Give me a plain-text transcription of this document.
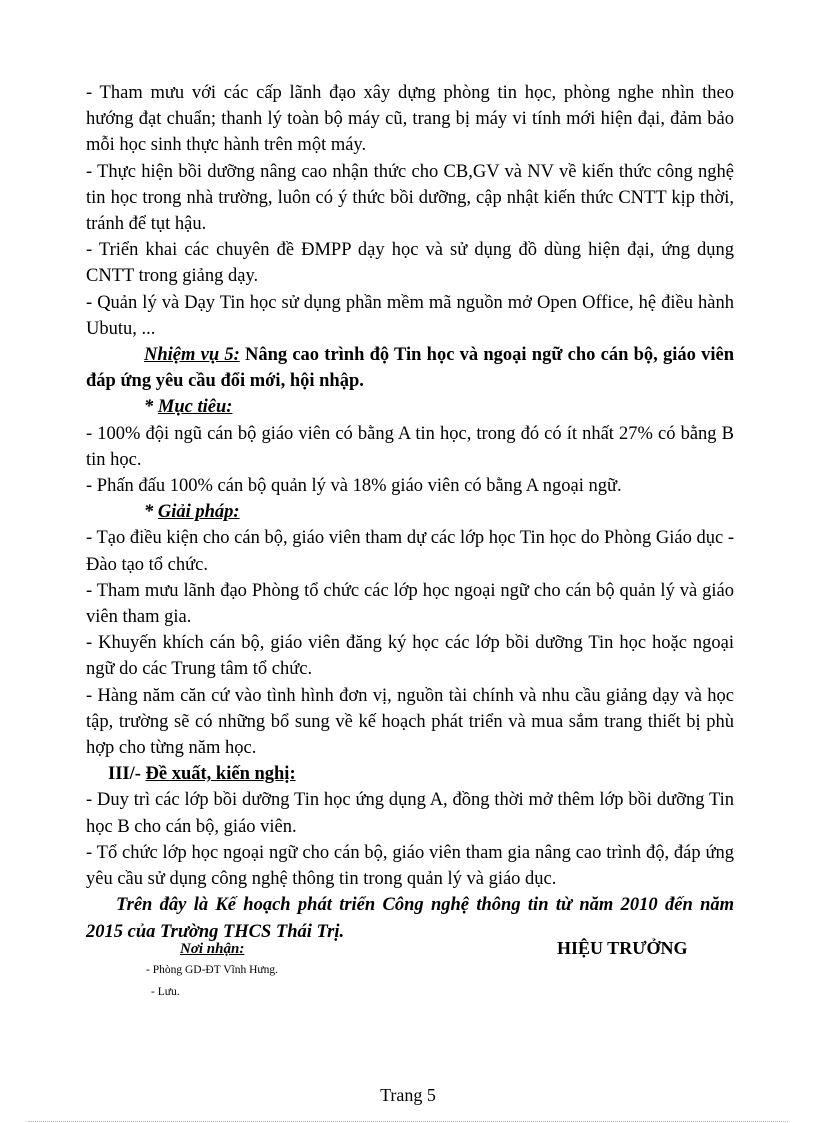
- Tham mưu với các cấp lãnh đạo xây dựng phòng tin học, phòng nghe nhìn theo hướng đạt chuẩn; thanh lý toàn bộ máy cũ, trang bị máy vi tính mới hiện đại, đảm bảo mỗi học sinh thực hành trên một máy.

- Thực hiện bồi dưỡng nâng cao nhận thức cho CB,GV và NV về kiến thức công nghệ tin học trong nhà trường, luôn có ý thức bồi dưỡng, cập nhật kiến thức CNTT kịp thời, tránh để tụt hậu.

- Triển khai các chuyên đề ĐMPP dạy học và sử dụng đồ dùng hiện đại, ứng dụng CNTT trong giảng dạy.

- Quản lý và Dạy Tin học sử dụng phần mềm mã nguồn mở Open Office, hệ điều hành Ubutu, ...

Nhiệm vụ 5: Nâng cao trình độ Tin học và ngoại ngữ cho cán bộ, giáo viên đáp ứng yêu cầu đổi mới, hội nhập.

* Mục tiêu:

- 100% đội ngũ cán bộ giáo viên có bằng A tin học, trong đó có ít nhất 27% có bằng B tin học.

- Phấn đấu 100% cán bộ quản lý và 18% giáo viên có bằng A ngoại ngữ.

* Giải pháp:

- Tạo điều kiện cho cán bộ, giáo viên tham dự các lớp học Tin học do Phòng Giáo dục - Đào tạo tổ chức.

- Tham mưu lãnh đạo Phòng tổ chức các lớp học ngoại ngữ cho cán bộ quản lý và giáo viên tham gia.

- Khuyến khích cán bộ, giáo viên đăng ký học các lớp bồi dưỡng Tin học hoặc ngoại ngữ do các Trung tâm tổ chức.

- Hàng năm căn cứ vào tình hình đơn vị, nguồn tài chính và nhu cầu giảng dạy và học tập, trường sẽ có những bổ sung về kế hoạch phát triển và mua sắm trang thiết bị phù hợp cho từng năm học.

III/- Đề xuất, kiến nghị:

- Duy trì các lớp bồi dưỡng Tin học ứng dụng A, đồng thời mở thêm lớp bồi dưỡng Tin học B cho cán bộ, giáo viên.

- Tổ chức lớp học ngoại ngữ cho cán bộ, giáo viên tham gia nâng cao trình độ, đáp ứng yêu cầu sử dụng công nghệ thông tin trong quản lý và giáo dục.

Trên đây là Kế hoạch phát triển Công nghệ thông tin từ năm 2010 đến năm 2015 của Trường THCS Thái Trị.

Nơi nhận:
- Phòng GD-ĐT Vĩnh Hưng.
- Lưu.
HIỆU TRƯỞNG
Trang 5
